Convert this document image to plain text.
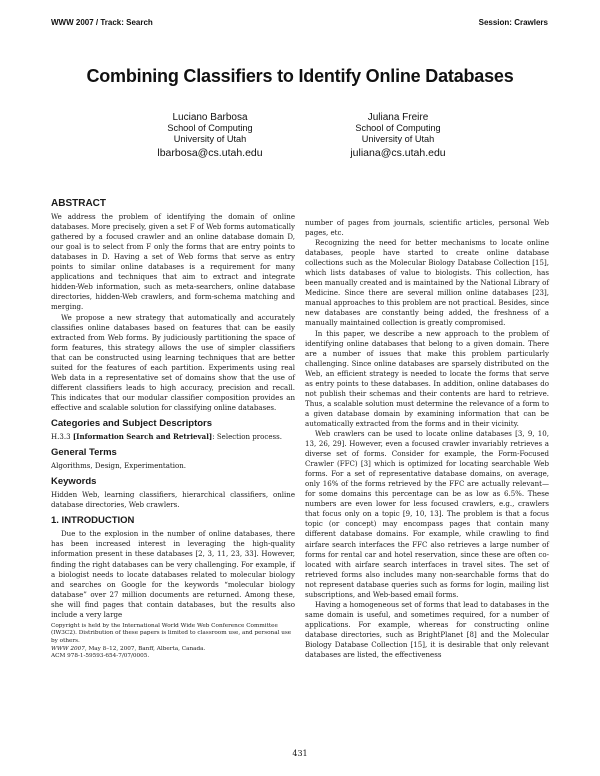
WWW 2007 / Track: Search	Session: Crawlers
Combining Classifiers to Identify Online Databases
Luciano Barbosa
School of Computing
University of Utah
lbarbosa@cs.utah.edu
Juliana Freire
School of Computing
University of Utah
juliana@cs.utah.edu
ABSTRACT

We address the problem of identifying the domain of online databases. More precisely, given a set F of Web forms automatically gathered by a focused crawler and an online database domain D, our goal is to select from F only the forms that are entry points to databases in D. Having a set of Web forms that serve as entry points to similar online databases is a requirement for many applications and techniques that aim to extract and integrate hidden-Web information, such as meta-searchers, online database directories, hidden-Web crawlers, and form-schema matching and merging.

We propose a new strategy that automatically and accurately classifies online databases based on features that can be easily extracted from Web forms. By judiciously partitioning the space of form features, this strategy allows the use of simpler classifiers that can be constructed using learning techniques that are better suited for the features of each partition. Experiments using real Web data in a representative set of domains show that the use of different classifiers leads to high accuracy, precision and recall. This indicates that our modular classifier composition provides an effective and scalable solution for classifying online databases.

Categories and Subject Descriptors

H.3.3 [Information Search and Retrieval]: Selection process.

General Terms

Algorithms, Design, Experimentation.

Keywords

Hidden Web, learning classifiers, hierarchical classifiers, online database directories, Web crawlers.

1. INTRODUCTION

Due to the explosion in the number of online databases, there has been increased interest in leveraging the high-quality information present in these databases [2, 3, 11, 23, 33]. However, finding the right databases can be very challenging. For example, if a biologist needs to locate databases related to molecular biology and searches on Google for the keywords “molecular biology database” over 27 million documents are returned. Among these, she will find pages that contain databases, but the results also include a very large

Copyright is held by the International World Wide Web Conference Committee (IW3C2). Distribution of these papers is limited to classroom use, and personal use by others.
WWW 2007, May 8–12, 2007, Banff, Alberta, Canada.
ACM 978-1-59593-654-7/07/0005.

number of pages from journals, scientific articles, personal Web pages, etc.

Recognizing the need for better mechanisms to locate online databases, people have started to create online database collections such as the Molecular Biology Database Collection [15], which lists databases of value to biologists. This collection, has been manually created and is maintained by the National Library of Medicine. Since there are several million online databases [23], manual approaches to this problem are not practical. Besides, since new databases are constantly being added, the freshness of a manually maintained collection is greatly compromised.

In this paper, we describe a new approach to the problem of identifying online databases that belong to a given domain. There are a number of issues that make this problem particularly challenging. Since online databases are sparsely distributed on the Web, an efficient strategy is needed to locate the forms that serve as entry points to these databases. In addition, online databases do not publish their schemas and their contents are hard to retrieve. Thus, a scalable solution must determine the relevance of a form to a given database domain by examining information that can be automatically extracted from the forms and in their vicinity.

Web crawlers can be used to locate online databases [3, 9, 10, 13, 26, 29]. However, even a focused crawler invariably retrieves a diverse set of forms. Consider for example, the Form-Focused Crawler (FFC) [3] which is optimized for locating searchable Web forms. For a set of representative database domains, on average, only 16% of the forms retrieved by the FFC are actually relevant—for some domains this percentage can be as low as 6.5%. These numbers are even lower for less focused crawlers, e.g., crawlers that focus only on a topic [9, 10, 13]. The problem is that a focus topic (or concept) may encompass pages that contain many different database domains. For example, while crawling to find airfare search interfaces the FFC also retrieves a large number of forms for rental car and hotel reservation, since these are often co-located with airfare search interfaces in travel sites. The set of retrieved forms also includes many non-searchable forms that do not represent database queries such as forms for login, mailing list subscriptions, and Web-based email forms.

Having a homogeneous set of forms that lead to databases in the same domain is useful, and sometimes required, for a number of applications. For example, whereas for constructing online database directories, such as BrightPlanet [8] and the Molecular Biology Database Collection [15], it is desirable that only relevant databases are listed, the effectiveness

431
